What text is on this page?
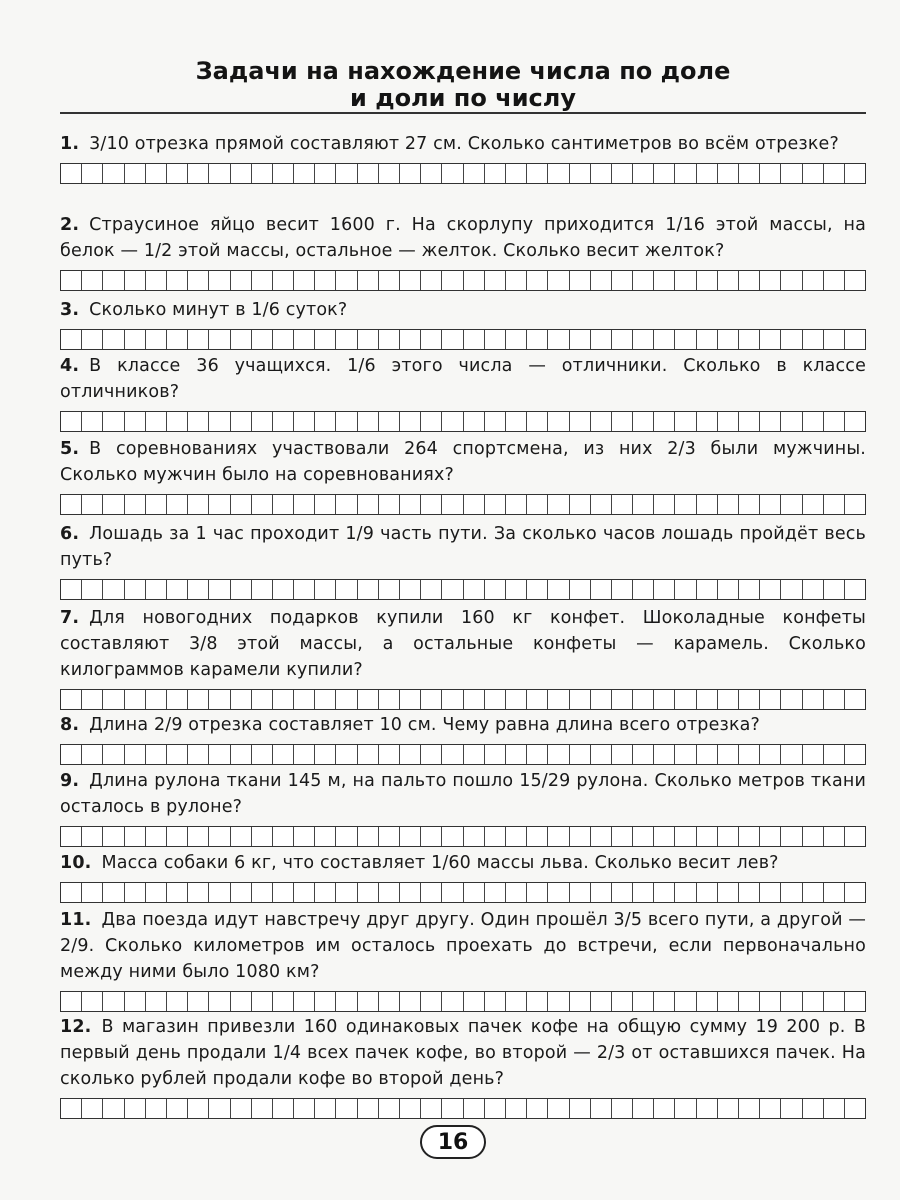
Задачи на нахождение числа по доле
и доли по числу
1. 3/10 отрезка прямой составляют 27 см. Сколько сантиметров во всём отрезке?
2. Страусиное яйцо весит 1600 г. На скорлупу приходится 1/16 этой массы, на белок — 1/2 этой массы, остальное — желток. Сколько весит желток?
3. Сколько минут в 1/6 суток?
4. В классе 36 учащихся. 1/6 этого числа — отличники. Сколько в классе отличников?
5. В соревнованиях участвовали 264 спортсмена, из них 2/3 были мужчины. Сколько мужчин было на соревнованиях?
6. Лошадь за 1 час проходит 1/9 часть пути. За сколько часов лошадь пройдёт весь путь?
7. Для новогодних подарков купили 160 кг конфет. Шоколадные конфеты составляют 3/8 этой массы, а остальные конфеты — карамель. Сколько килограммов карамели купили?
8. Длина 2/9 отрезка составляет 10 см. Чему равна длина всего отрезка?
9. Длина рулона ткани 145 м, на пальто пошло 15/29 рулона. Сколько метров ткани осталось в рулоне?
10. Масса собаки 6 кг, что составляет 1/60 массы льва. Сколько весит лев?
11. Два поезда идут навстречу друг другу. Один прошёл 3/5 всего пути, а другой — 2/9. Сколько километров им осталось проехать до встречи, если первоначально между ними было 1080 км?
12. В магазин привезли 160 одинаковых пачек кофе на общую сумму 19 200 р. В первый день продали 1/4 всех пачек кофе, во второй — 2/3 от оставшихся пачек. На сколько рублей продали кофе во второй день?
16
